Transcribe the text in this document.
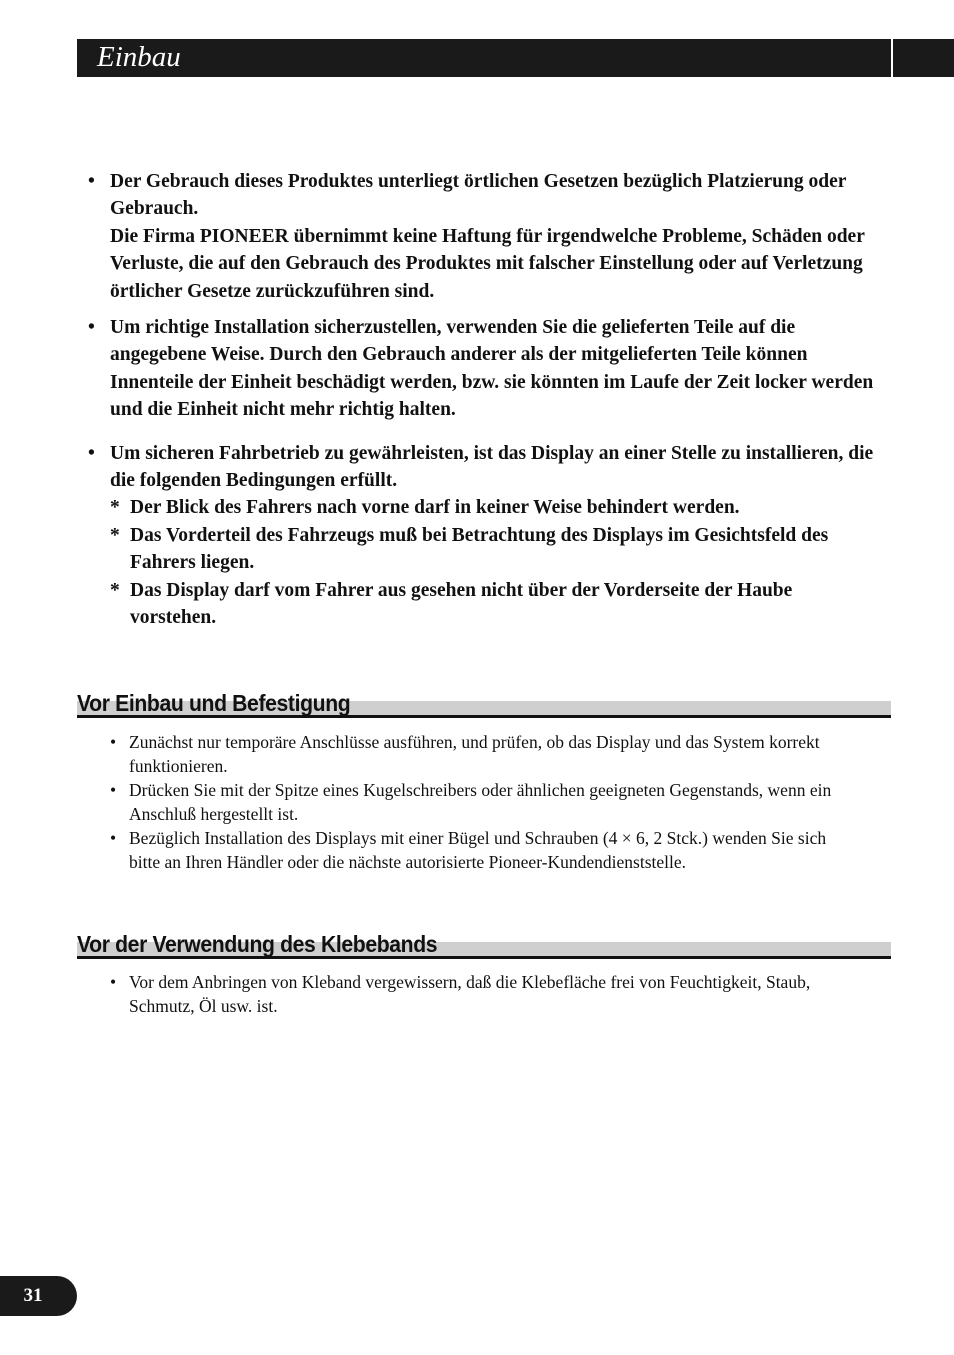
Einbau
• Der Gebrauch dieses Produktes unterliegt örtlichen Gesetzen bezüglich Platzierung oder Gebrauch.

Die Firma PIONEER übernimmt keine Haftung für irgendwelche Probleme, Schäden oder Verluste, die auf den Gebrauch des Produktes mit falscher Einstellung oder auf Verletzung örtlicher Gesetze zurückzuführen sind.

• Um richtige Installation sicherzustellen, verwenden Sie die gelieferten Teile auf die angegebene Weise. Durch den Gebrauch anderer als der mitgelieferten Teile können Innenteile der Einheit beschädigt werden, bzw. sie könnten im Laufe der Zeit locker werden und die Einheit nicht mehr richtig halten.

• Um sicheren Fahrbetrieb zu gewährleisten, ist das Display an einer Stelle zu installieren, die die folgenden Bedingungen erfüllt.

* Der Blick des Fahrers nach vorne darf in keiner Weise behindert werden.
* Das Vorderteil des Fahrzeugs muß bei Betrachtung des Displays im Gesichtsfeld des Fahrers liegen.
* Das Display darf vom Fahrer aus gesehen nicht über der Vorderseite der Haube vorstehen.
Vor Einbau und Befestigung
• Zunächst nur temporäre Anschlüsse ausführen, und prüfen, ob das Display und das System korrekt funktionieren.
• Drücken Sie mit der Spitze eines Kugelschreibers oder ähnlichen geeigneten Gegenstands, wenn ein Anschluß hergestellt ist.
• Bezüglich Installation des Displays mit einer Bügel und Schrauben (4 × 6, 2 Stck.) wenden Sie sich bitte an Ihren Händler oder die nächste autorisierte Pioneer-Kundendienststelle.
Vor der Verwendung des Klebebands
• Vor dem Anbringen von Kleband vergewissern, daß die Klebefläche frei von Feuchtigkeit, Staub, Schmutz, Öl usw. ist.
31
